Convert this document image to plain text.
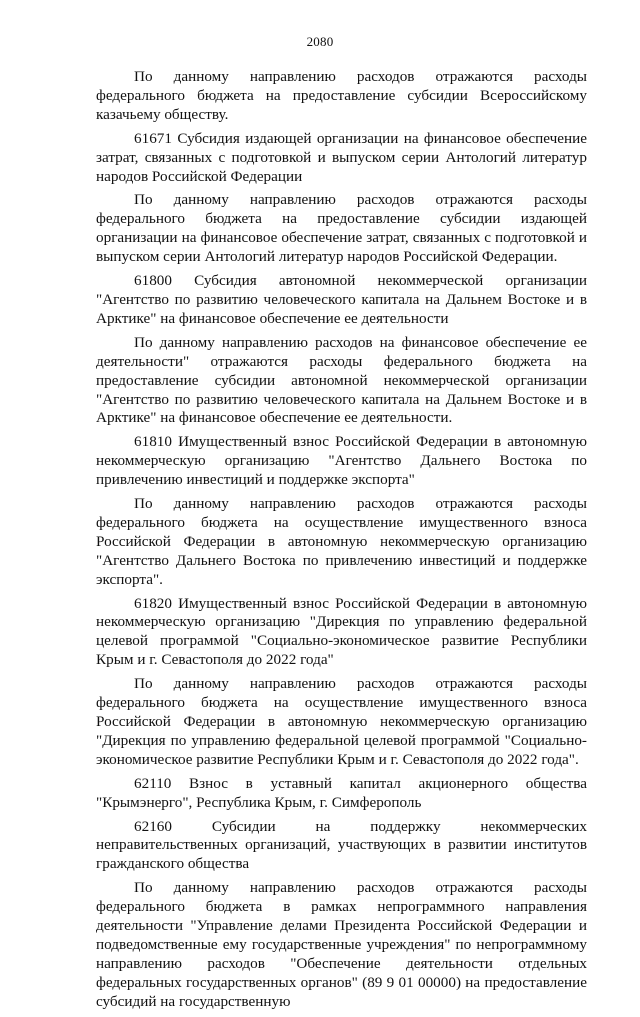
2080

По данному направлению расходов отражаются расходы федерального бюджета на предоставление субсидии Всероссийскому казачьему обществу.

61671 Субсидия издающей организации на финансовое обеспечение затрат, связанных с подготовкой и выпуском серии Антологий литератур народов Российской Федерации

По данному направлению расходов отражаются расходы федерального бюджета на предоставление субсидии издающей организации на финансовое обеспечение затрат, связанных с подготовкой и выпуском серии Антологий литератур народов Российской Федерации.

61800 Субсидия автономной некоммерческой организации "Агентство по развитию человеческого капитала на Дальнем Востоке и в Арктике" на финансовое обеспечение ее деятельности

По данному направлению расходов на финансовое обеспечение ее деятельности" отражаются расходы федерального бюджета на предоставление субсидии автономной некоммерческой организации "Агентство по развитию человеческого капитала на Дальнем Востоке и в Арктике" на финансовое обеспечение ее деятельности.

61810 Имущественный взнос Российской Федерации в автономную некоммерческую организацию "Агентство Дальнего Востока по привлечению инвестиций и поддержке экспорта"

По данному направлению расходов отражаются расходы федерального бюджета на осуществление имущественного взноса Российской Федерации в автономную некоммерческую организацию "Агентство Дальнего Востока по привлечению инвестиций и поддержке экспорта".

61820 Имущественный взнос Российской Федерации в автономную некоммерческую организацию "Дирекция по управлению федеральной целевой программой "Социально-экономическое развитие Республики Крым и г. Севастополя до 2022 года"

По данному направлению расходов отражаются расходы федерального бюджета на осуществление имущественного взноса Российской Федерации в автономную некоммерческую организацию "Дирекция по управлению федеральной целевой программой "Социально-экономическое развитие Республики Крым и г. Севастополя до 2022 года".

62110 Взнос в уставный капитал акционерного общества "Крымэнерго", Республика Крым, г. Симферополь

62160 Субсидии на поддержку некоммерческих неправительственных организаций, участвующих в развитии институтов гражданского общества

По данному направлению расходов отражаются расходы федерального бюджета в рамках непрограммного направления деятельности "Управление делами Президента Российской Федерации и подведомственные ему государственные учреждения" по непрограммному направлению расходов "Обеспечение деятельности отдельных федеральных государственных органов" (89 9 01 00000) на предоставление субсидий на государственную
